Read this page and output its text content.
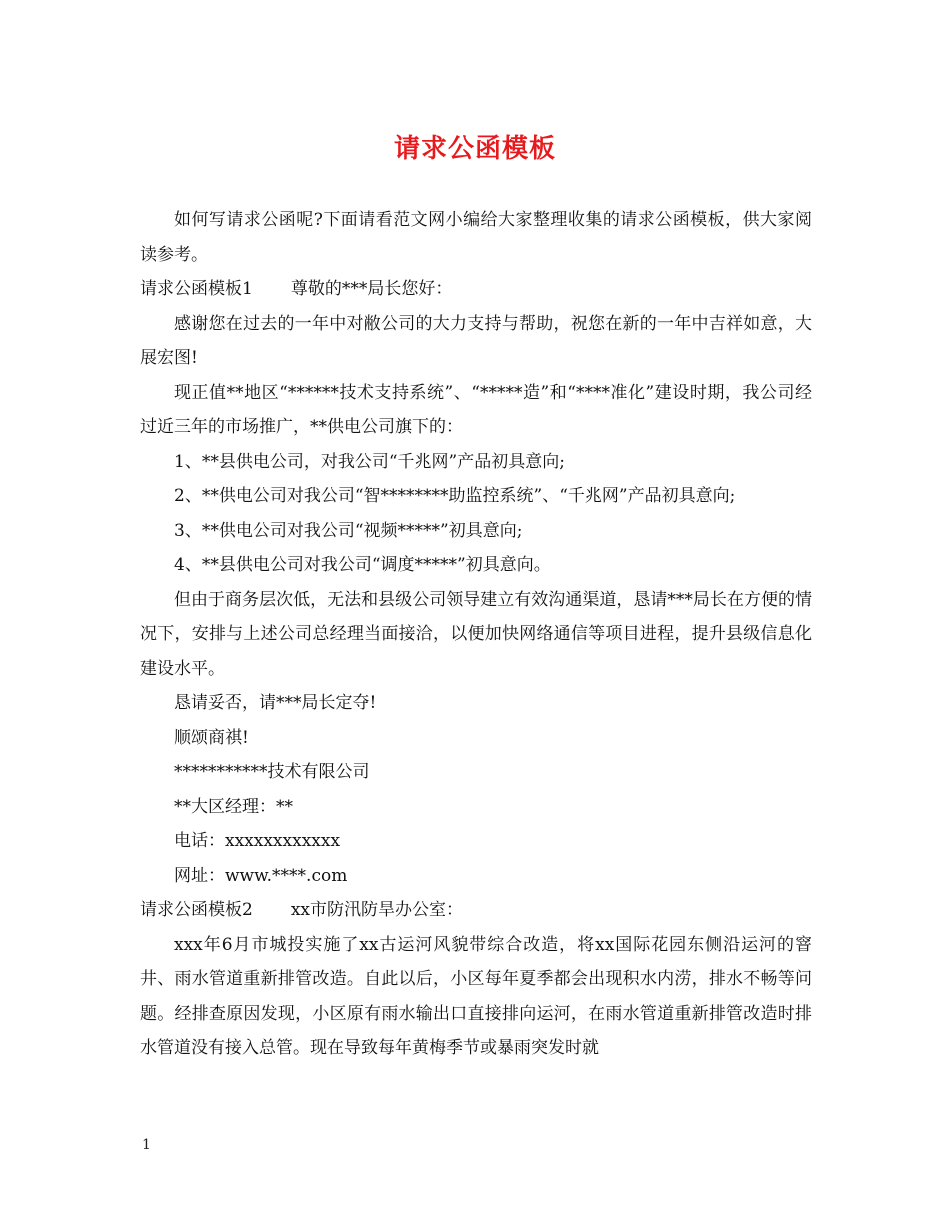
请求公函模板

如何写请求公函呢?下面请看范文网小编给大家整理收集的请求公函模板，供大家阅读参考。

请求公函模板1 尊敬的***局长您好：

感谢您在过去的一年中对敝公司的大力支持与帮助，祝您在新的一年中吉祥如意，大展宏图!

现正值**地区“******技术支持系统”、“*****造”和“****准化”建设时期，我公司经过近三年的市场推广，**供电公司旗下的：

1、**县供电公司，对我公司“千兆网”产品初具意向;

2、**供电公司对我公司“智********助监控系统”、“千兆网”产品初具意向;

3、**供电公司对我公司“视频*****”初具意向;

4、**县供电公司对我公司“调度*****”初具意向。

但由于商务层次低，无法和县级公司领导建立有效沟通渠道，恳请***局长在方便的情况下，安排与上述公司总经理当面接洽，以便加快网络通信等项目进程，提升县级信息化建设水平。

恳请妥否，请***局长定夺!

顺颂商祺!

***********技术有限公司

**大区经理：**

电话：xxxxxxxxxxxx

网址：www.****.com

请求公函模板2 xx市防汛防旱办公室：

xxx年6月市城投实施了xx古运河风貌带综合改造，将xx国际花园东侧沿运河的窨井、雨水管道重新排管改造。自此以后，小区每年夏季都会出现积水内涝，排水不畅等问题。经排查原因发现，小区原有雨水输出口直接排向运河，在雨水管道重新排管改造时排水管道没有接入总管。现在导致每年黄梅季节或暴雨突发时就

1
